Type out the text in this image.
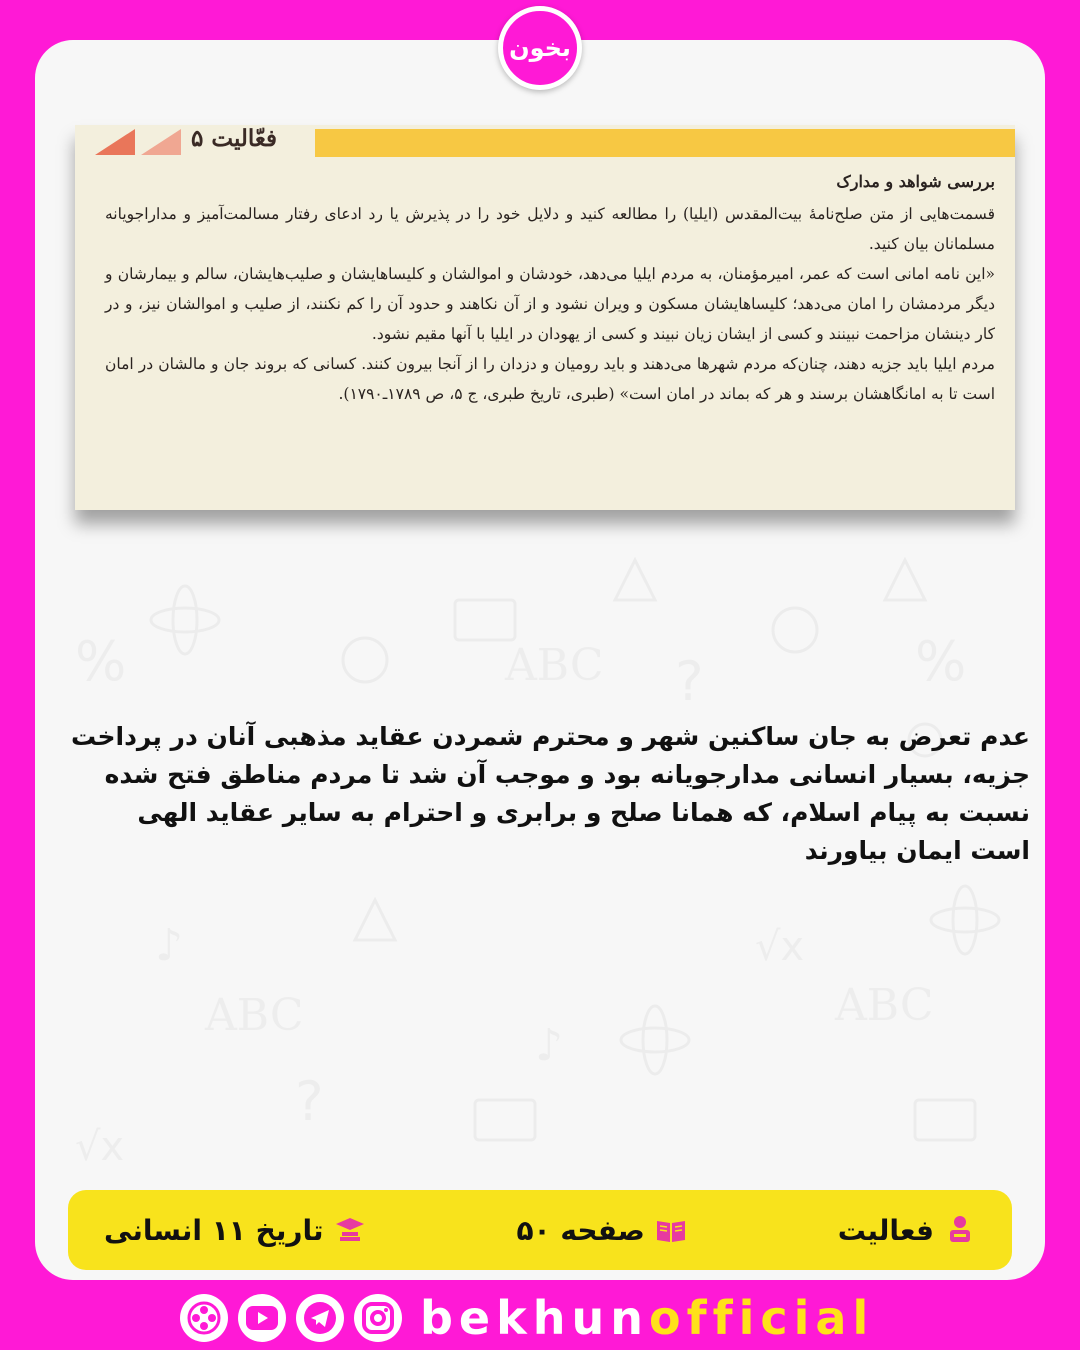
%	%
ABC	ABC
ABC
?
?
♪
♪
√x
√x
بخون
فعّالیت ۵

بررسی شواهد و مدارک

قسمت‌هایی از متن صلح‌نامهٔ بیت‌المقدس (ایلیا) را مطالعه کنید و دلایل خود را در پذیرش یا رد ادعای رفتار مسالمت‌آمیز و مداراجویانه مسلمانان بیان کنید.

«این نامه امانی است که عمر، امیرمؤمنان، به مردم ایلیا می‌دهد، خودشان و اموالشان و کلیساهایشان و صلیب‌هایشان، سالم و بیمارشان و دیگر مردمشان را امان می‌دهد؛ کلیساهایشان مسکون و ویران نشود و از آن نکاهند و حدود آن را کم نکنند، از صلیب و اموالشان نیز، و در کار دینشان مزاحمت نبینند و کسی از ایشان زیان نبیند و کسی از یهودان در ایلیا با آنها مقیم نشود.

مردم ایلیا باید جزیه دهند، چنان‌که مردم شهرها می‌دهند و باید رومیان و دزدان را از آنجا بیرون کنند. کسانی که بروند جان و مالشان در امان است تا به امانگاهشان برسند و هر که بماند در امان است» (طبری، تاریخ طبری، ج ۵، ص ۱۷۸۹ـ۱۷۹۰).

عدم تعرض به جان ساکنین شهر و محترم شمردن عقاید مذهبی آنان در پرداخت جزیه، بسیار انسانی مدارجویانه بود و موجب آن شد تا مردم مناطق فتح شده نسبت به پیام اسلام، که همانا صلح و برابری و احترام به سایر عقاید الهی است ایمان بیاورند
فعالیت
صفحه ۵۰
تاریخ ۱۱ انسانی
bekhunofficial
